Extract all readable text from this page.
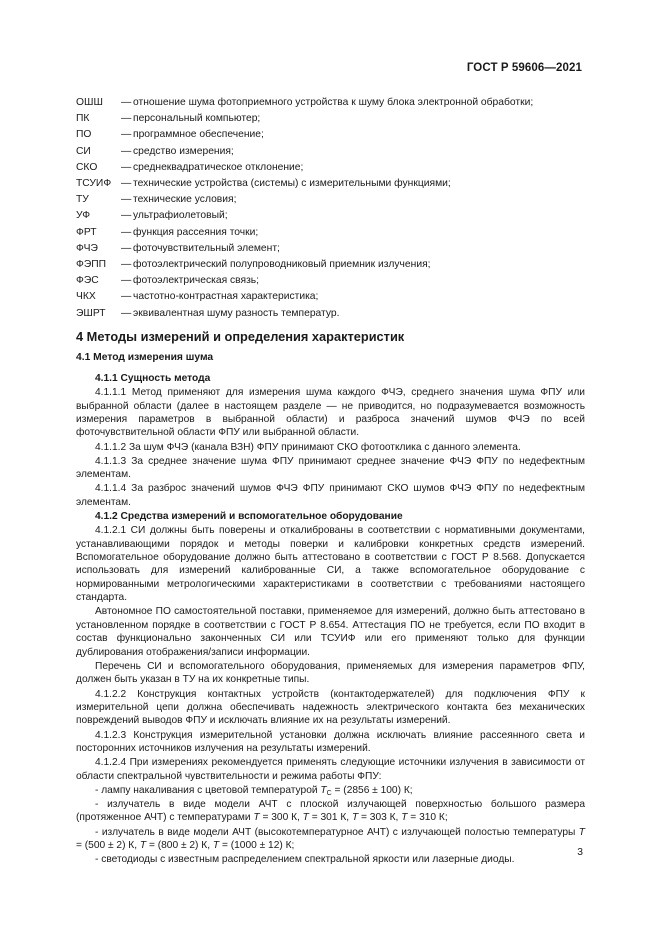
ГОСТ Р 59606—2021
ОШШ	— отношение шума фотоприемного устройства к шуму блока электронной обработки;
ПК	— персональный компьютер;
ПО	— программное обеспечение;
СИ	— средство измерения;
СКО	— среднеквадратическое отклонение;
ТСУИФ — технические устройства (системы) с измерительными функциями;
ТУ	— технические условия;
УФ	— ультрафиолетовый;
ФРТ	— функция рассеяния точки;
ФЧЭ	— фоточувствительный элемент;
ФЭПП	— фотоэлектрический полупроводниковый приемник излучения;
ФЭС	— фотоэлектрическая связь;
ЧКХ	— частотно-контрастная характеристика;
ЭШРТ	— эквивалентная шуму разность температур.
4 Методы измерений и определения характеристик
4.1 Метод измерения шума

4.1.1 Сущность метода

4.1.1.1 Метод применяют для измерения шума каждого ФЧЭ, среднего значения шума ФПУ или выбранной области (далее в настоящем разделе — не приводится, но подразумевается возможность измерения параметров в выбранной области) и разброса значений шумов ФЧЭ по всей фоточувствительной области ФПУ или выбранной области.

4.1.1.2 За шум ФЧЭ (канала ВЗН) ФПУ принимают СКО фотоотклика с данного элемента.

4.1.1.3 За среднее значение шума ФПУ принимают среднее значение ФЧЭ ФПУ по недефектным элементам.

4.1.1.4 За разброс значений шумов ФЧЭ ФПУ принимают СКО шумов ФЧЭ ФПУ по недефектным элементам.

4.1.2 Средства измерений и вспомогательное оборудование

4.1.2.1 СИ должны быть поверены и откалиброваны в соответствии с нормативными документами, устанавливающими порядок и методы поверки и калибровки конкретных средств измерений. Вспомогательное оборудование должно быть аттестовано в соответствии с ГОСТ Р 8.568. Допускается использовать для измерений калиброванные СИ, а также вспомогательное оборудование с нормированными метрологическими характеристиками в соответствии с требованиями настоящего стандарта.

Автономное ПО самостоятельной поставки, применяемое для измерений, должно быть аттестовано в установленном порядке в соответствии с ГОСТ Р 8.654. Аттестация ПО не требуется, если ПО входит в состав функционально законченных СИ или ТСУИФ или его применяют только для функции дублирования отображения/записи информации.

Перечень СИ и вспомогательного оборудования, применяемых для измерения параметров ФПУ, должен быть указан в ТУ на их конкретные типы.

4.1.2.2 Конструкция контактных устройств (контактодержателей) для подключения ФПУ к измерительной цепи должна обеспечивать надежность электрического контакта без механических повреждений выводов ФПУ и исключать влияние их на результаты измерений.

4.1.2.3 Конструкция измерительной установки должна исключать влияние рассеянного света и посторонних источников излучения на результаты измерений.

4.1.2.4 При измерениях рекомендуется применять следующие источники излучения в зависимости от области спектральной чувствительности и режима работы ФПУ:

- лампу накаливания с цветовой температурой $T_C = (2856 \pm 100)$ К;

- излучатель в виде модели АЧТ с плоской излучающей поверхностью большого размера (протяженное АЧТ) с температурами T = 300 К, T = 301 К, T = 303 К, T = 310 К;

- излучатель в виде модели АЧТ (высокотемпературное АЧТ) с излучающей полостью температуры T = (500 ± 2) К, T = (800 ± 2) К, T = (1000 ± 12) К;

- светодиоды с известным распределением спектральной яркости или лазерные диоды.

3
